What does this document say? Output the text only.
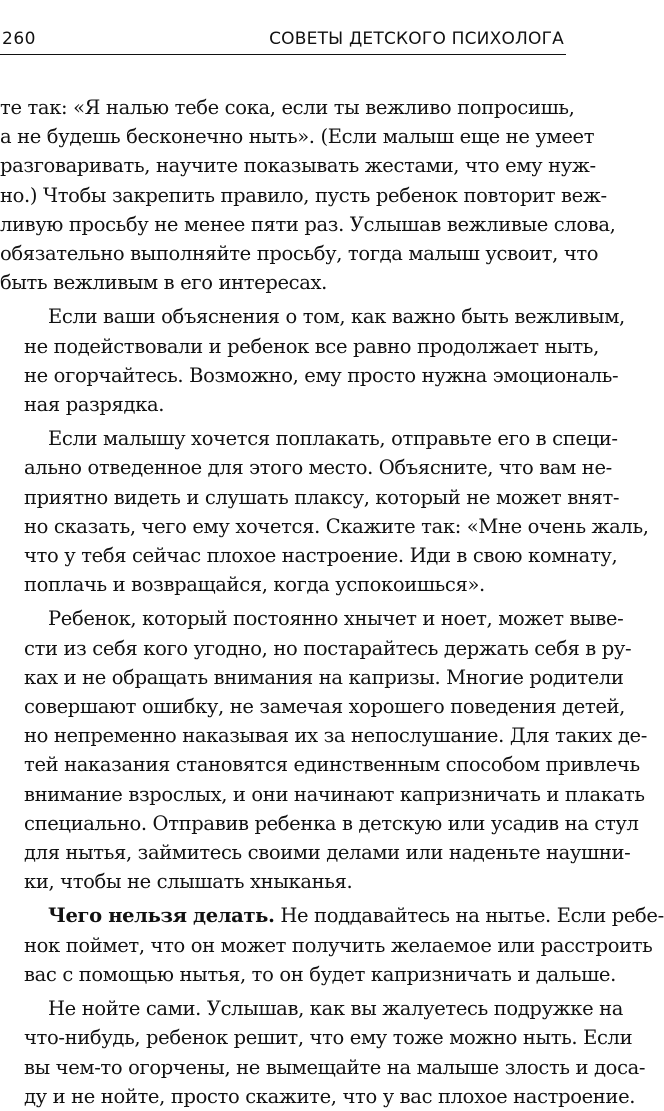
260	СОВЕТЫ ДЕТСКОГО ПСИХОЛОГА

те так: «Я налью тебе сока, если ты вежливо попросишь,
а не будешь бесконечно ныть». (Если малыш еще не умеет
разговаривать, научите показывать жестами, что ему нуж-
но.) Чтобы закрепить правило, пусть ребенок повторит веж-
ливую просьбу не менее пяти раз. Услышав вежливые слова,
обязательно выполняйте просьбу, тогда малыш усвоит, что
быть вежливым в его интересах.

Если ваши объяснения о том, как важно быть вежливым,
не подействовали и ребенок все равно продолжает ныть,
не огорчайтесь. Возможно, ему просто нужна эмоциональ-
ная разрядка.

Если малышу хочется поплакать, отправьте его в специ-
ально отведенное для этого место. Объясните, что вам не-
приятно видеть и слушать плаксу, который не может внят-
но сказать, чего ему хочется. Скажите так: «Мне очень жаль,
что у тебя сейчас плохое настроение. Иди в свою комнату,
поплачь и возвращайся, когда успокоишься».

Ребенок, который постоянно хнычет и ноет, может выве-
сти из себя кого угодно, но постарайтесь держать себя в ру-
ках и не обращать внимания на капризы. Многие родители
совершают ошибку, не замечая хорошего поведения детей,
но непременно наказывая их за непослушание. Для таких де-
тей наказания становятся единственным способом привлечь
внимание взрослых, и они начинают капризничать и плакать
специально. Отправив ребенка в детскую или усадив на стул
для нытья, займитесь своими делами или наденьте наушни-
ки, чтобы не слышать хныканья.

Чего нельзя делать. Не поддавайтесь на нытье. Если ребе-
нок поймет, что он может получить желаемое или расстроить
вас с помощью нытья, то он будет капризничать и дальше.

Не нойте сами. Услышав, как вы жалуетесь подружке на
что-нибудь, ребенок решит, что ему тоже можно ныть. Если
вы чем-то огорчены, не вымещайте на малыше злость и доса-
ду и не нойте, просто скажите, что у вас плохое настроение.
